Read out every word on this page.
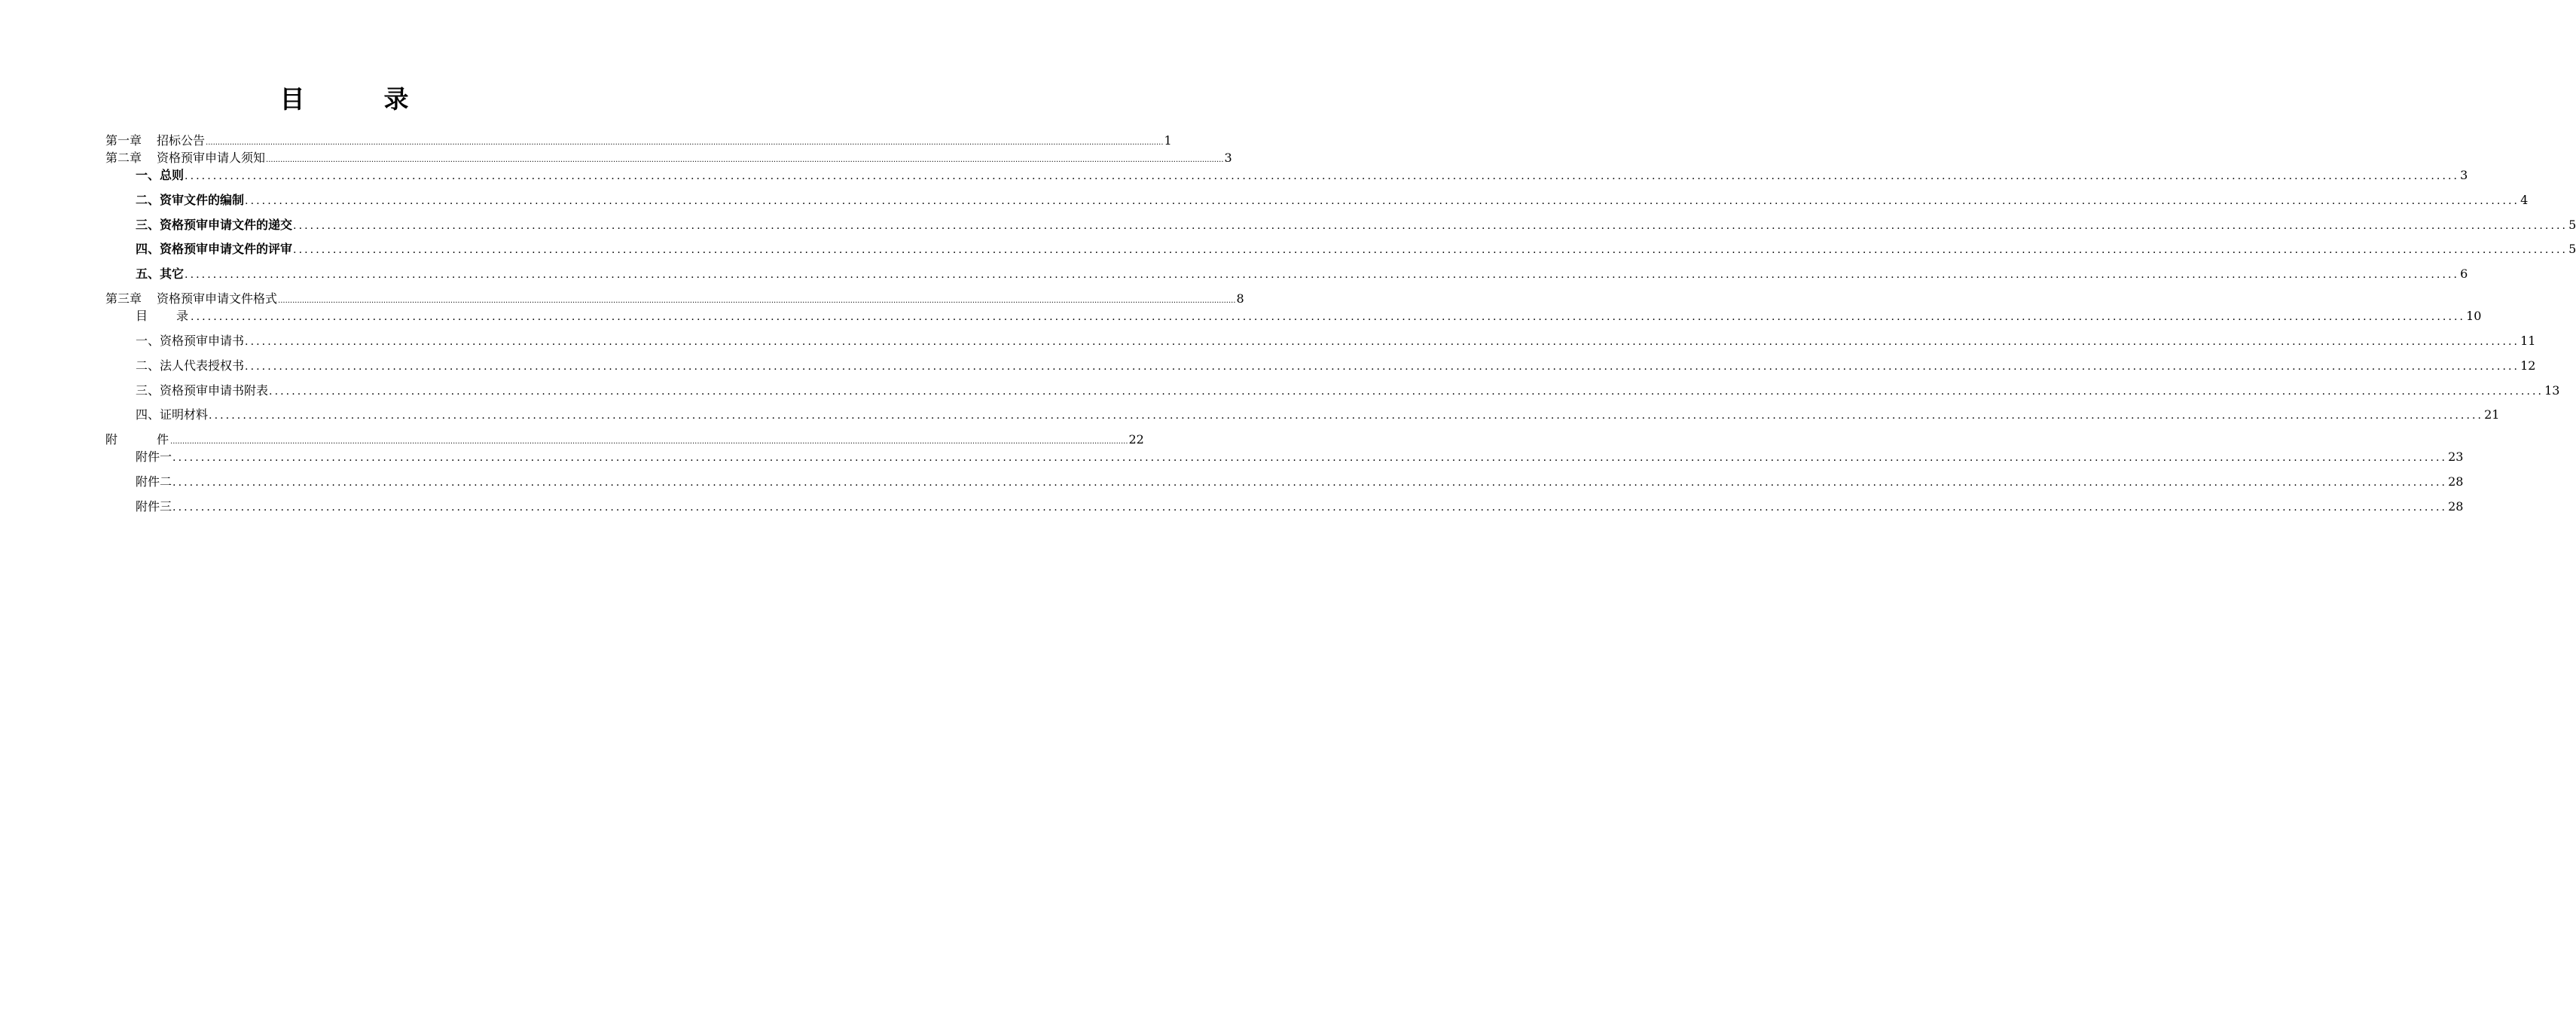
目　录
第一章 招标公告 ................................................................................................................................................................................................................................................................................................................................................................................................................ 1
第二章 资格预审申请人须知 ................................................................................................................................................................................................................................................................................................................................................................................................................ 3
一、总则 ................................................................................................................................................................................................................................................................................................................................................................................................................ 3
二、资审文件的编制 ................................................................................................................................................................................................................................................................................................................................................................................................................ 4
三、资格预审申请文件的递交 ................................................................................................................................................................................................................................................................................................................................................................................................................ 5
四、资格预审申请文件的评审 ................................................................................................................................................................................................................................................................................................................................................................................................................ 5
五、其它 ................................................................................................................................................................................................................................................................................................................................................................................................................ 6
第三章 资格预审申请文件格式 ................................................................................................................................................................................................................................................................................................................................................................................................................ 8
目　　录 ................................................................................................................................................................................................................................................................................................................................................................................................................ 10
一、资格预审申请书 ................................................................................................................................................................................................................................................................................................................................................................................................................ 11
二、法人代表授权书 ................................................................................................................................................................................................................................................................................................................................................................................................................ 12
三、资格预审申请书附表 ................................................................................................................................................................................................................................................................................................................................................................................................................ 13
四、证明材料 ................................................................................................................................................................................................................................................................................................................................................................................................................ 21
附　　　件 ................................................................................................................................................................................................................................................................................................................................................................................................................ 22
附件一 ................................................................................................................................................................................................................................................................................................................................................................................................................ 23
附件二 ................................................................................................................................................................................................................................................................................................................................................................................................................ 28
附件三 ................................................................................................................................................................................................................................................................................................................................................................................................................ 28
